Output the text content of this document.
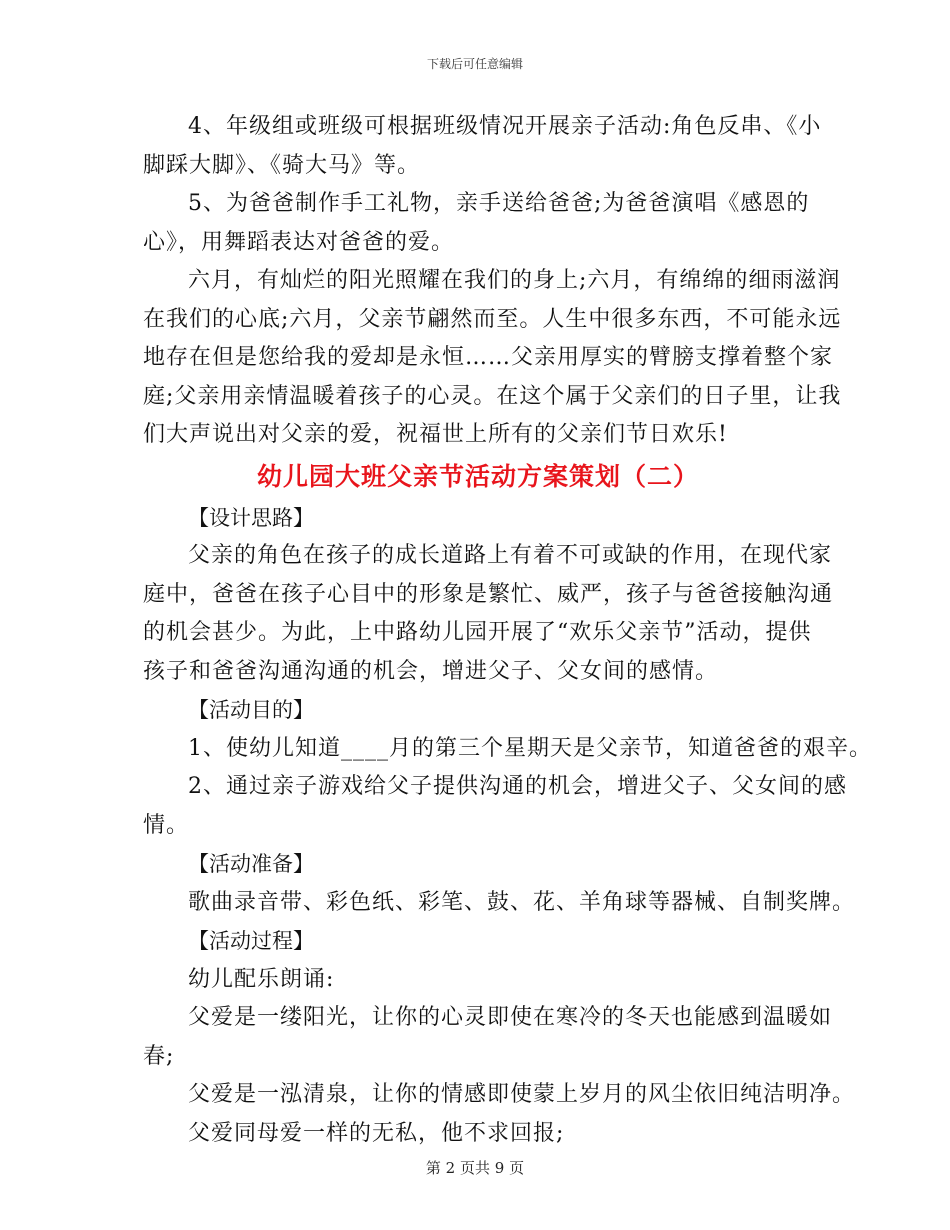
下载后可任意编辑

4、年级组或班级可根据班级情况开展亲子活动:角色反串、《小

脚踩大脚》、《骑大马》等。

5、为爸爸制作手工礼物，亲手送给爸爸;为爸爸演唱《感恩的

心》，用舞蹈表达对爸爸的爱。

六月，有灿烂的阳光照耀在我们的身上;六月，有绵绵的细雨滋润

在我们的心底;六月，父亲节翩然而至。人生中很多东西，不可能永远

地存在但是您给我的爱却是永恒……父亲用厚实的臂膀支撑着整个家

庭;父亲用亲情温暖着孩子的心灵。在这个属于父亲们的日子里，让我

们大声说出对父亲的爱，祝福世上所有的父亲们节日欢乐!

幼儿园大班父亲节活动方案策划（二）

【设计思路】

父亲的角色在孩子的成长道路上有着不可或缺的作用，在现代家

庭中，爸爸在孩子心目中的形象是繁忙、威严，孩子与爸爸接触沟通

的机会甚少。为此，上中路幼儿园开展了“欢乐父亲节”活动，提供

孩子和爸爸沟通沟通的机会，增进父子、父女间的感情。

【活动目的】

1、使幼儿知道____月的第三个星期天是父亲节，知道爸爸的艰辛。

2、通过亲子游戏给父子提供沟通的机会，增进父子、父女间的感

情。

【活动准备】

歌曲录音带、彩色纸、彩笔、鼓、花、羊角球等器械、自制奖牌。

【活动过程】

幼儿配乐朗诵:

父爱是一缕阳光，让你的心灵即使在寒冷的冬天也能感到温暖如

春;

父爱是一泓清泉，让你的情感即使蒙上岁月的风尘依旧纯洁明净。

父爱同母爱一样的无私，他不求回报;

第 2 页共 9 页
